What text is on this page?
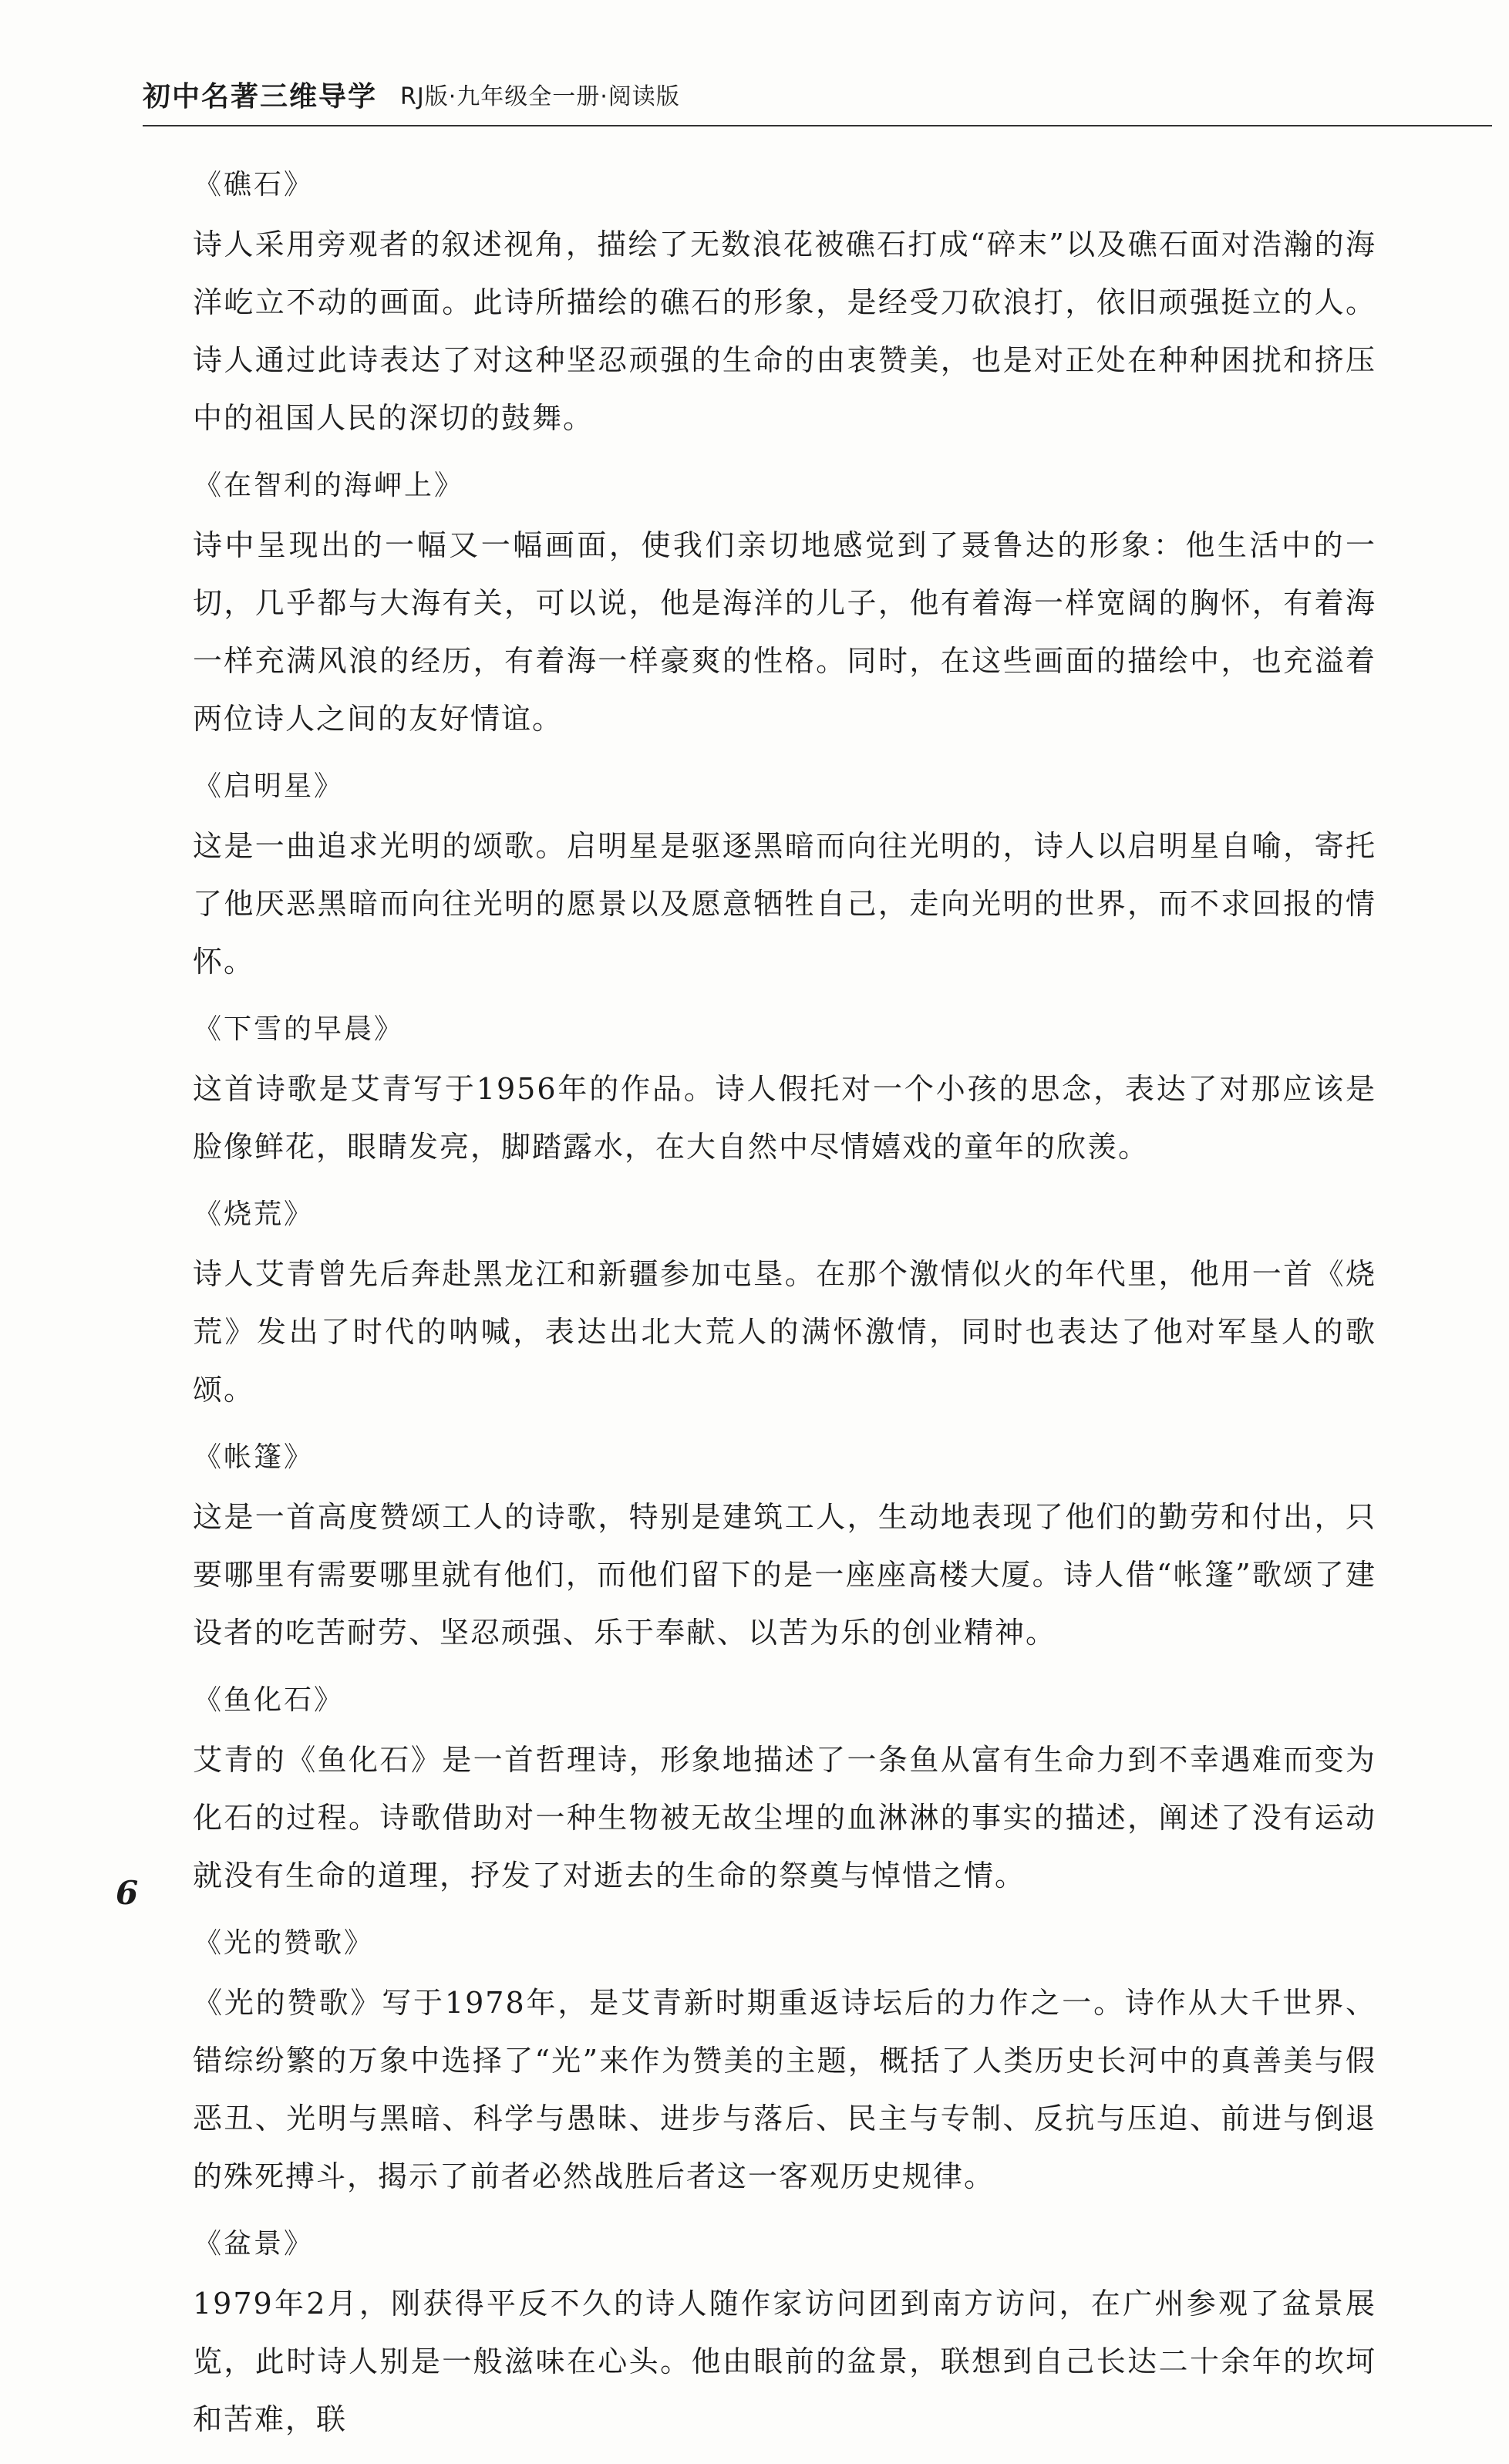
初中名著三维导学 RJ版·九年级全一册·阅读版
《礁石》

诗人采用旁观者的叙述视角，描绘了无数浪花被礁石打成“碎末”以及礁石面对浩瀚的海洋屹立不动的画面。此诗所描绘的礁石的形象，是经受刀砍浪打，依旧顽强挺立的人。诗人通过此诗表达了对这种坚忍顽强的生命的由衷赞美，也是对正处在种种困扰和挤压中的祖国人民的深切的鼓舞。

《在智利的海岬上》

诗中呈现出的一幅又一幅画面，使我们亲切地感觉到了聂鲁达的形象：他生活中的一切，几乎都与大海有关，可以说，他是海洋的儿子，他有着海一样宽阔的胸怀，有着海一样充满风浪的经历，有着海一样豪爽的性格。同时，在这些画面的描绘中，也充溢着两位诗人之间的友好情谊。

《启明星》

这是一曲追求光明的颂歌。启明星是驱逐黑暗而向往光明的，诗人以启明星自喻，寄托了他厌恶黑暗而向往光明的愿景以及愿意牺牲自己，走向光明的世界，而不求回报的情怀。

《下雪的早晨》

这首诗歌是艾青写于1956年的作品。诗人假托对一个小孩的思念，表达了对那应该是脸像鲜花，眼睛发亮，脚踏露水，在大自然中尽情嬉戏的童年的欣羡。

《烧荒》

诗人艾青曾先后奔赴黑龙江和新疆参加屯垦。在那个激情似火的年代里，他用一首《烧荒》发出了时代的呐喊，表达出北大荒人的满怀激情，同时也表达了他对军垦人的歌颂。

《帐篷》

这是一首高度赞颂工人的诗歌，特别是建筑工人，生动地表现了他们的勤劳和付出，只要哪里有需要哪里就有他们，而他们留下的是一座座高楼大厦。诗人借“帐篷”歌颂了建设者的吃苦耐劳、坚忍顽强、乐于奉献、以苦为乐的创业精神。

《鱼化石》

艾青的《鱼化石》是一首哲理诗，形象地描述了一条鱼从富有生命力到不幸遇难而变为化石的过程。诗歌借助对一种生物被无故尘埋的血淋淋的事实的描述，阐述了没有运动就没有生命的道理，抒发了对逝去的生命的祭奠与悼惜之情。

《光的赞歌》

《光的赞歌》写于1978年，是艾青新时期重返诗坛后的力作之一。诗作从大千世界、错综纷繁的万象中选择了“光”来作为赞美的主题，概括了人类历史长河中的真善美与假恶丑、光明与黑暗、科学与愚昧、进步与落后、民主与专制、反抗与压迫、前进与倒退的殊死搏斗，揭示了前者必然战胜后者这一客观历史规律。

《盆景》

1979年2月，刚获得平反不久的诗人随作家访问团到南方访问，在广州参观了盆景展览，此时诗人别是一般滋味在心头。他由眼前的盆景，联想到自己长达二十余年的坎坷和苦难，联

6
